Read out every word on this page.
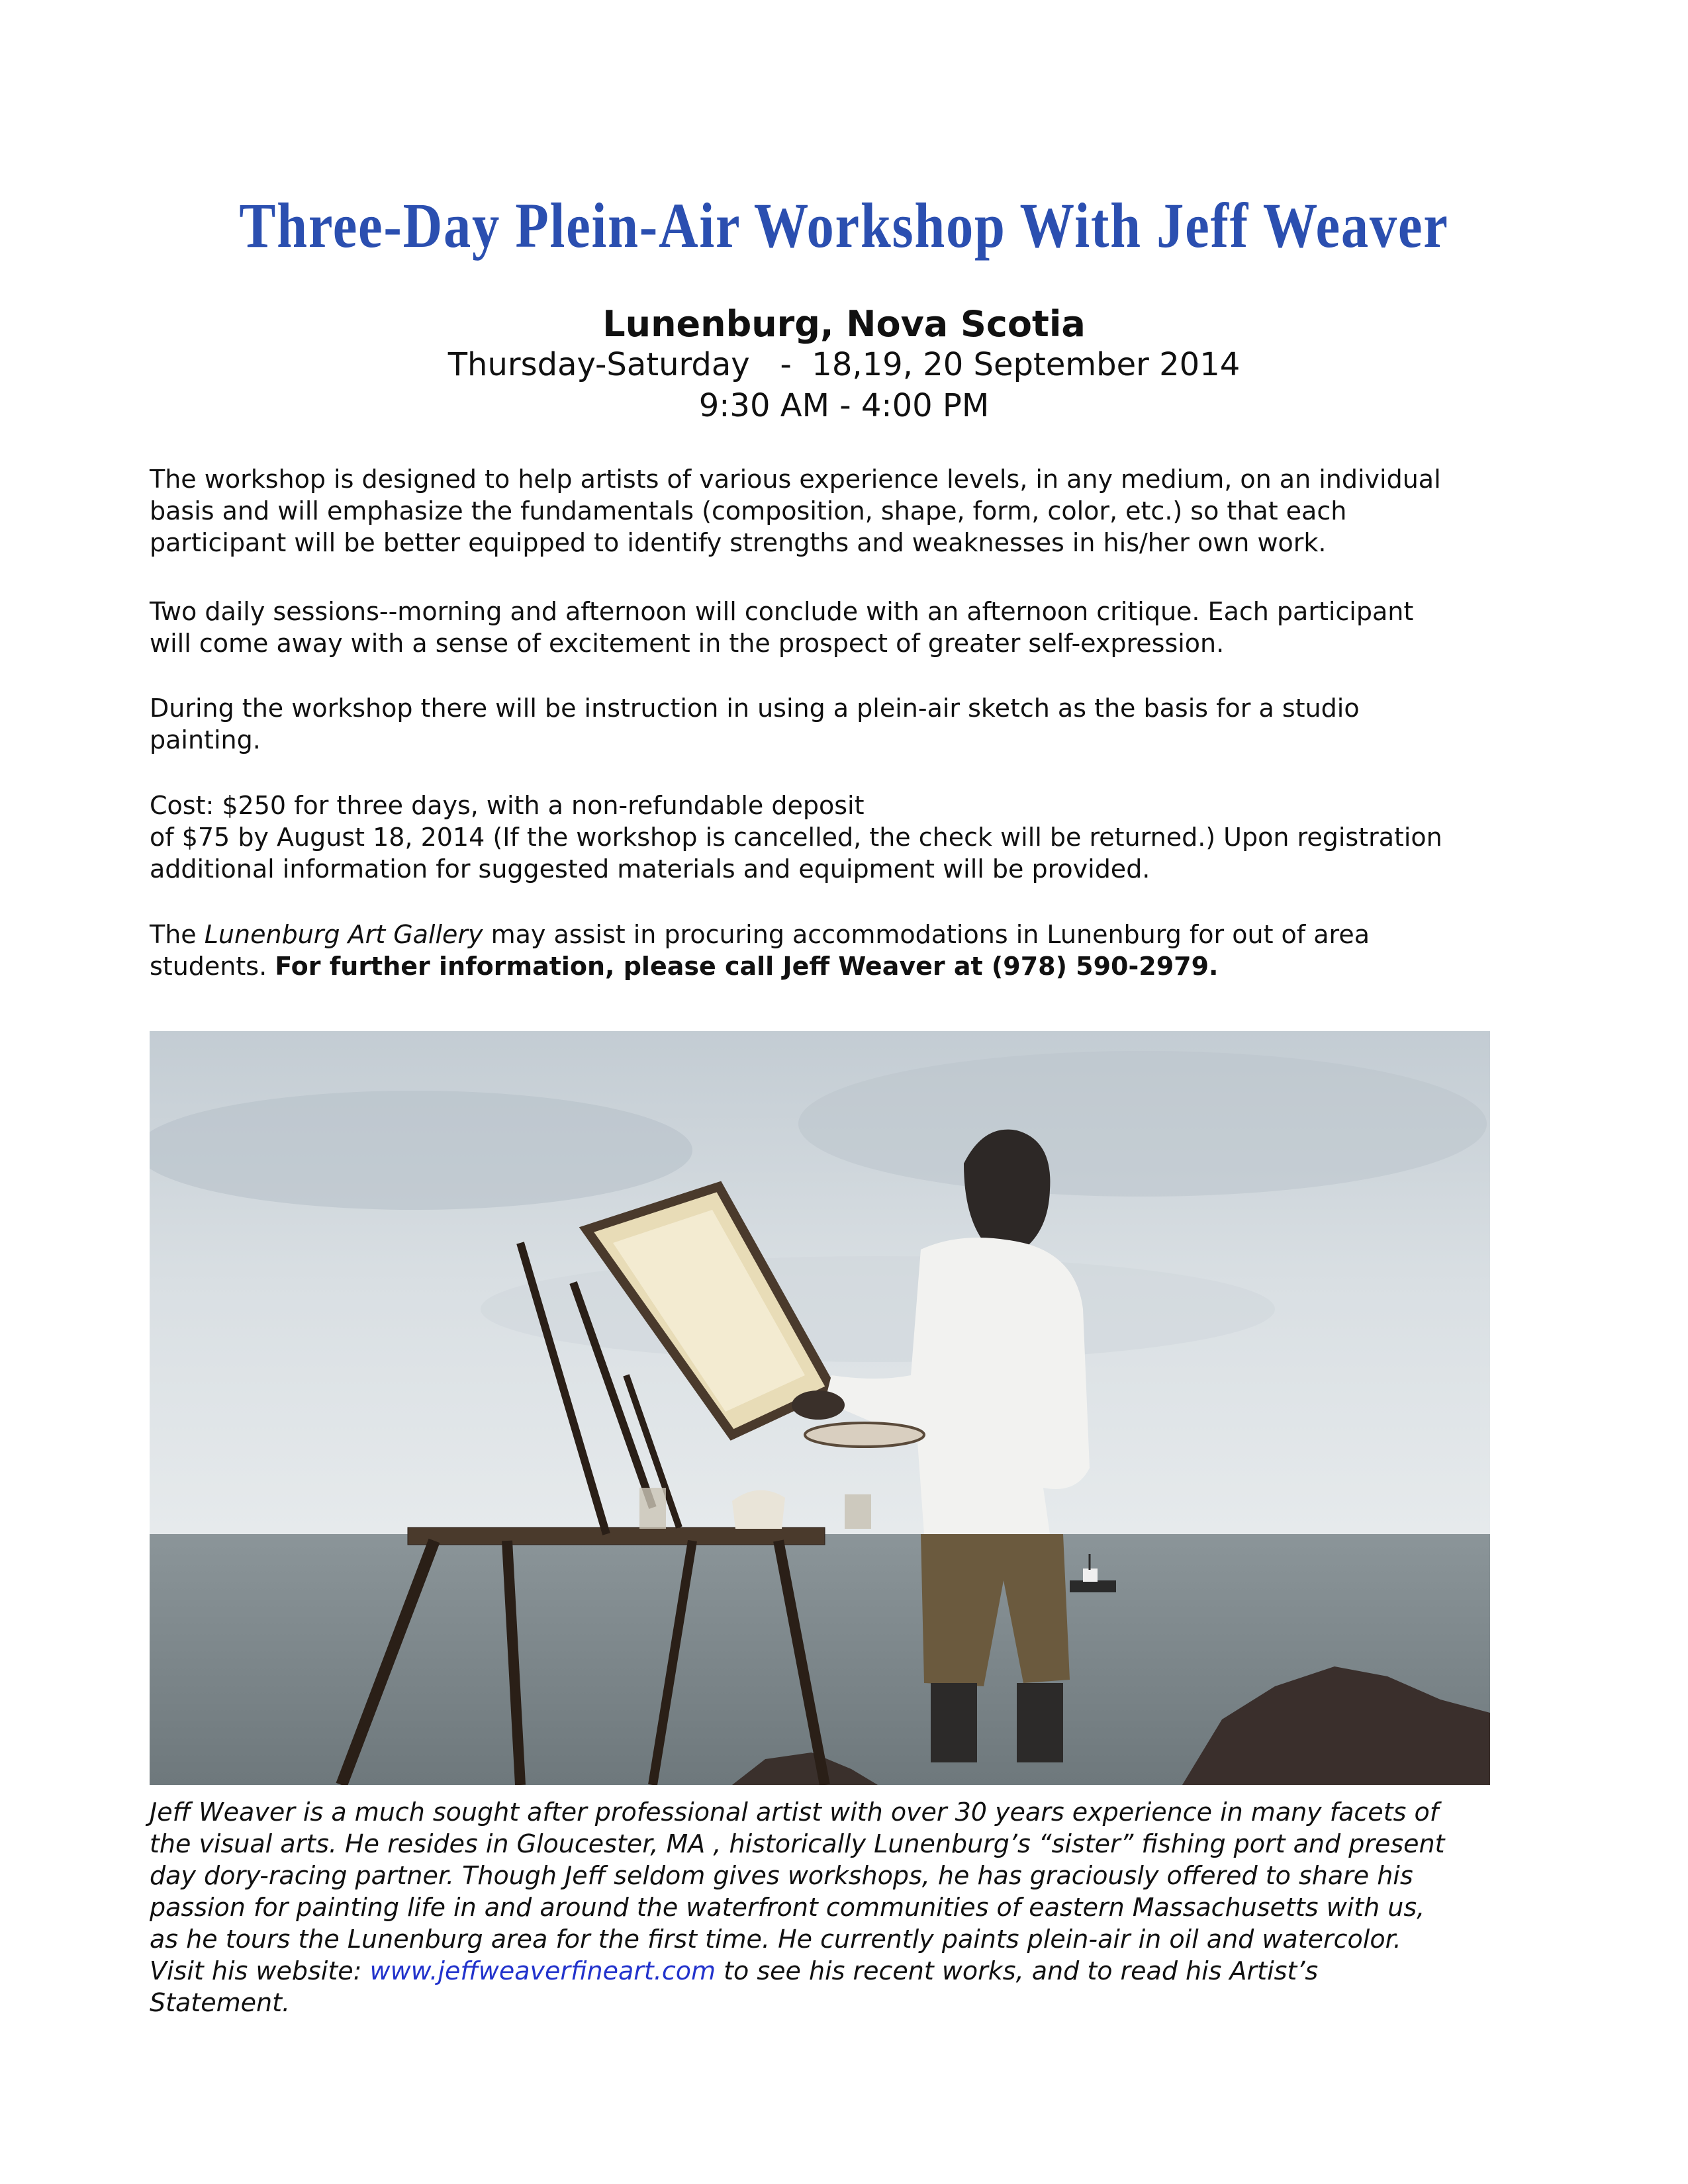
Three-Day Plein-Air Workshop With Jeff Weaver
Lunenburg, Nova Scotia
Thursday-Saturday   -  18,19, 20 September 2014
9:30 AM - 4:00 PM

The workshop is designed to help artists of various experience levels, in any medium, on an individual
basis and will emphasize the fundamentals (composition, shape, form, color, etc.) so that each
participant will be better equipped to identify strengths and weaknesses in his/her own work.

Two daily sessions--morning and afternoon will conclude with an afternoon critique. Each participant
will come away with a sense of excitement in the prospect of greater self-expression.

During the workshop there will be instruction in using a plein-air sketch as the basis for a studio
painting.

Cost: $250 for three days, with a non-refundable deposit
of $75 by August 18, 2014 (If the workshop is cancelled, the check will be returned.) Upon registration
additional information for suggested materials and equipment will be provided.

The Lunenburg Art Gallery may assist in procuring accommodations in Lunenburg for out of area
students. For further information, please call Jeff Weaver at (978) 590-2979.

Jeff Weaver is a much sought after professional artist with over 30 years experience in many facets of
the visual arts. He resides in Gloucester, MA , historically Lunenburg’s “sister” fishing port and present
day dory-racing partner. Though Jeff seldom gives workshops, he has graciously offered to share his
passion for painting life in and around the waterfront communities of eastern Massachusetts with us,
as he tours the Lunenburg area for the first time. He currently paints plein-air in oil and watercolor.
Visit his website: www.jeffweaverfineart.com to see his recent works, and to read his Artist’s
Statement.
